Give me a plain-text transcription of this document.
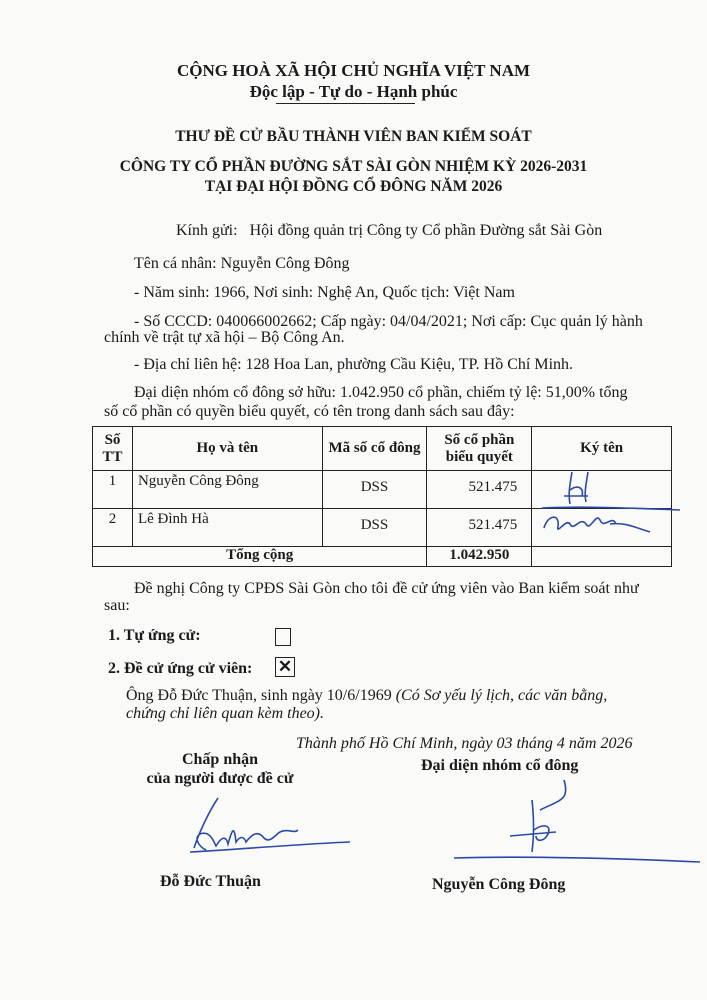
CỘNG HOÀ XÃ HỘI CHỦ NGHĨA VIỆT NAM
Độc lập - Tự do - Hạnh phúc
THƯ ĐỀ CỬ BẦU THÀNH VIÊN BAN KIỂM SOÁT
CÔNG TY CỔ PHẦN ĐƯỜNG SẮT SÀI GÒN NHIỆM KỲ 2026-2031
TẠI ĐẠI HỘI ĐỒNG CỔ ĐÔNG NĂM 2026
Kính gửi: Hội đồng quản trị Công ty Cổ phần Đường sắt Sài Gòn
Tên cá nhân: Nguyễn Công Đông
- Năm sinh: 1966, Nơi sinh: Nghệ An, Quốc tịch: Việt Nam
- Số CCCD: 040066002662; Cấp ngày: 04/04/2021; Nơi cấp: Cục quản lý hành
chính về trật tự xã hội – Bộ Công An.
- Địa chỉ liên hệ: 128 Hoa Lan, phường Cầu Kiệu, TP. Hồ Chí Minh.
Đại diện nhóm cổ đông sở hữu: 1.042.950 cổ phần, chiếm tỷ lệ: 51,00% tổng
số cổ phần có quyền biểu quyết, có tên trong danh sách sau đây:
Số TT	Họ và tên	Mã số cổ đông	Số cổ phần biểu quyết	Ký tên
1	Nguyễn Công Đông	DSS	521.475	
2	Lê Đình Hà	DSS	521.475	
Tổng cộng			1.042.950	
Đề nghị Công ty CPĐS Sài Gòn cho tôi đề cử ứng viên vào Ban kiểm soát như
sau:
1. Tự ứng cử:
2. Đề cử ứng cử viên: ✕
Ông Đỗ Đức Thuận, sinh ngày 10/6/1969 (Có Sơ yếu lý lịch, các văn bằng,
chứng chỉ liên quan kèm theo).
Thành phố Hồ Chí Minh, ngày 03 tháng 4 năm 2026
Chấp nhận
của người được đề cử
Đại diện nhóm cổ đông
Đỗ Đức Thuận	Nguyễn Công Đông
